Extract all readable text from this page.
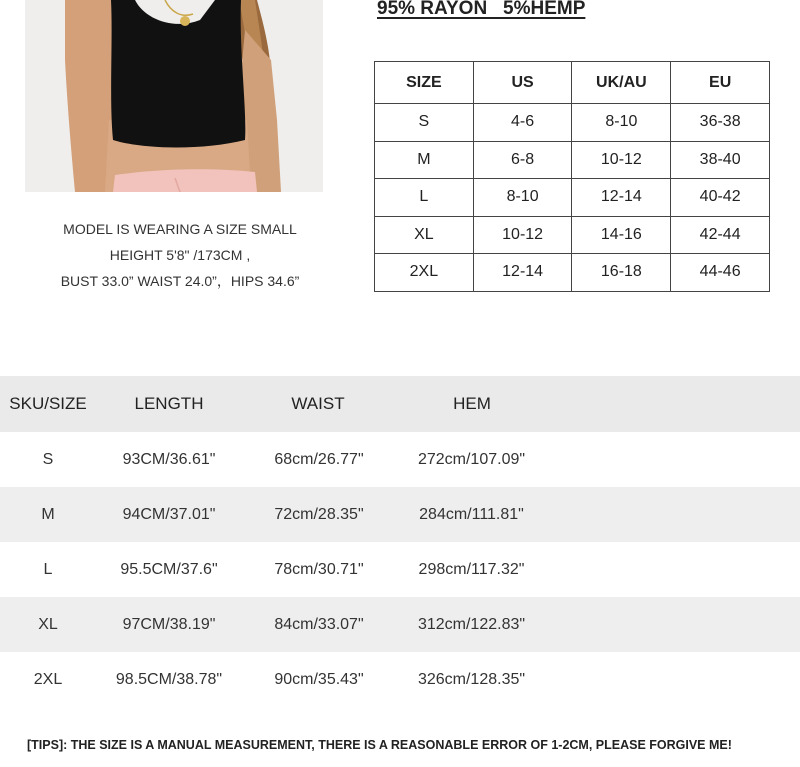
MODEL IS WEARING A SIZE SMALL
HEIGHT 5'8" /173CM ,
BUST 33.0” WAIST 24.0”，HIPS 34.6”
95% RAYON   5%HEMP
SIZE	US	UK/AU	EU
S	4-6	8-10	36-38
M	6-8	10-12	38-40
L	8-10	12-14	40-42
XL	10-12	14-16	42-44
2XL	12-14	16-18	44-46
SKU/SIZE	LENGTH	WAIST	HEM
S	93CM/36.61"	68cm/26.77"	272cm/107.09"
M	94CM/37.01"	72cm/28.35"	284cm/111.81"
L	95.5CM/37.6"	78cm/30.71"	298cm/117.32"
XL	97CM/38.19"	84cm/33.07"	312cm/122.83"
2XL	98.5CM/38.78"	90cm/35.43"	326cm/128.35"
[TIPS]: THE SIZE IS A MANUAL MEASUREMENT, THERE IS A REASONABLE ERROR OF 1-2CM, PLEASE FORGIVE ME!
